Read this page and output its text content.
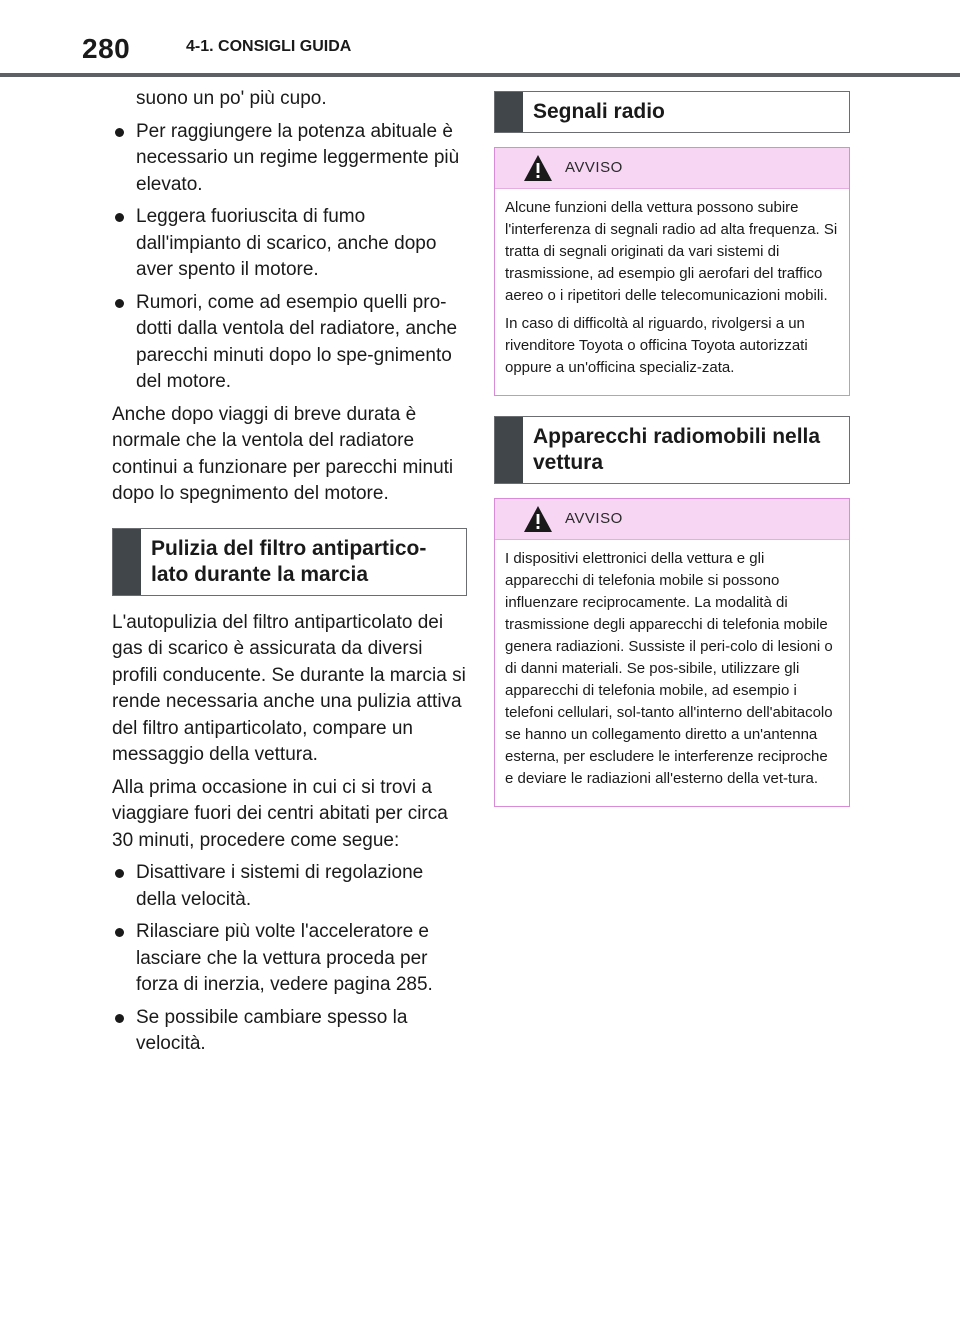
280	4-1. CONSIGLI GUIDA

suono un po' più cupo.

Per raggiungere la potenza abituale è necessario un regime leggermente più elevato.
Leggera fuoriuscita di fumo dall'impianto di scarico, anche dopo aver spento il motore.
Rumori, come ad esempio quelli pro-dotti dalla ventola del radiatore, anche parecchi minuti dopo lo spe-gnimento del motore.

Anche dopo viaggi di breve durata è normale che la ventola del radiatore continui a funzionare per parecchi minuti dopo lo spegnimento del motore.

Pulizia del filtro antipartico-lato durante la marcia

L'autopulizia del filtro antiparticolato dei gas di scarico è assicurata da diversi profili conducente. Se durante la marcia si rende necessaria anche una pulizia attiva del filtro antiparticolato, compare un messaggio della vettura.

Alla prima occasione in cui ci si trovi a viaggiare fuori dei centri abitati per circa 30 minuti, procedere come segue:

Disattivare i sistemi di regolazione della velocità.
Rilasciare più volte l'acceleratore e lasciare che la vettura proceda per forza di inerzia, vedere pagina 285.
Se possibile cambiare spesso la velocità.
Segnali radio
AVVISO

Alcune funzioni della vettura possono subire l'interferenza di segnali radio ad alta frequenza. Si tratta di segnali originati da vari sistemi di trasmissione, ad esempio gli aerofari del traffico aereo o i ripetitori delle telecomunicazioni mobili.

In caso di difficoltà al riguardo, rivolgersi a un rivenditore Toyota o officina Toyota autorizzati oppure a un'officina specializ-zata.

Apparecchi radiomobili nella vettura
AVVISO

I dispositivi elettronici della vettura e gli apparecchi di telefonia mobile si possono influenzare reciprocamente. La modalità di trasmissione degli apparecchi di telefonia mobile genera radiazioni. Sussiste il peri-colo di lesioni o di danni materiali. Se pos-sibile, utilizzare gli apparecchi di telefonia mobile, ad esempio i telefoni cellulari, sol-tanto all'interno dell'abitacolo se hanno un collegamento diretto a un'antenna esterna, per escludere le interferenze reciproche e deviare le radiazioni all'esterno della vet-tura.
